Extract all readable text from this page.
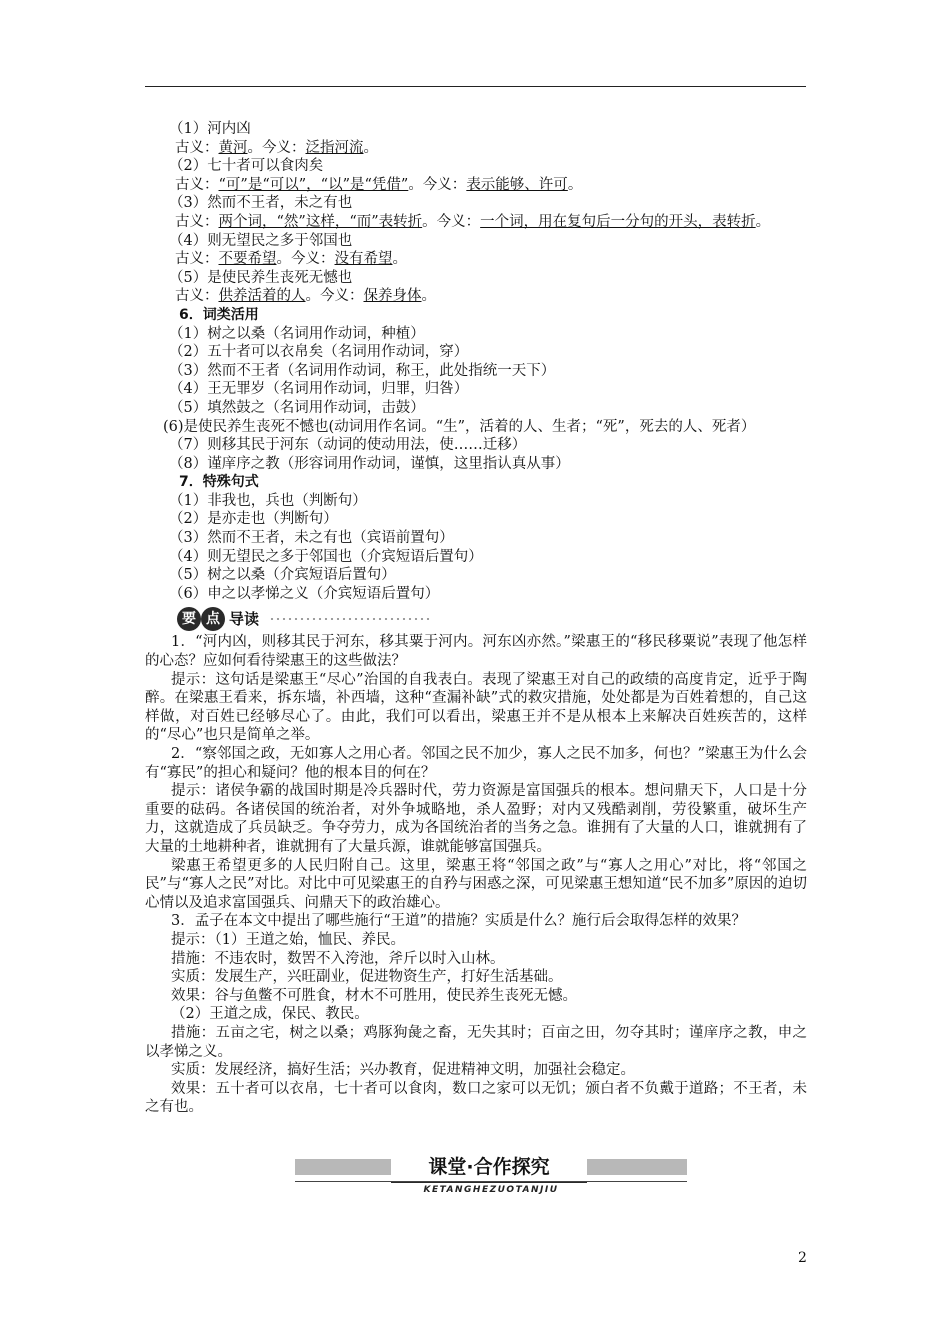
（1）河内凶
古义：黄河。今义：泛指河流。
（2）七十者可以食肉矣
古义：“可”是“可以”，“以”是“凭借”。今义：表示能够、许可。
（3）然而不王者，未之有也
古义：两个词，“然”这样，“而”表转折。今义：一个词，用在复句后一分句的开头，表转折。
（4）则无望民之多于邻国也
古义：不要希望。今义：没有希望。
（5）是使民养生丧死无憾也
古义：供养活着的人。今义：保养身体。
6．词类活用
（1）树之以桑（名词用作动词，种植）
（2）五十者可以衣帛矣（名词用作动词，穿）
（3）然而不王者（名词用作动词，称王，此处指统一天下）
（4）王无罪岁（名词用作动词，归罪，归咎）
（5）填然鼓之（名词用作动词，击鼓）
(6)是使民养生丧死不憾也(动词用作名词。“生”，活着的人、生者；“死”，死去的人、死者）
（7）则移其民于河东（动词的使动用法，使……迁移）
（8）谨庠序之教（形容词用作动词，谨慎，这里指认真从事）
7．特殊句式
（1）非我也，兵也（判断句）
（2）是亦走也（判断句）
（3）然而不王者，未之有也（宾语前置句）
（4）则无望民之多于邻国也（介宾短语后置句）
（5）树之以桑（介宾短语后置句）
（6）申之以孝悌之义（介宾短语后置句）
要 点 导读
1．“河内凶，则移其民于河东，移其粟于河内。河东凶亦然。”梁惠王的“移民移粟说”表现了他怎样的心态？应如何看待梁惠王的这些做法？
提示：这句话是梁惠王“尽心”治国的自我表白。表现了梁惠王对自己的政绩的高度肯定，近乎于陶醉。在梁惠王看来，拆东墙，补西墙，这种“查漏补缺”式的救灾措施，处处都是为百姓着想的，自己这样做，对百姓已经够尽心了。由此，我们可以看出，梁惠王并不是从根本上来解决百姓疾苦的，这样的“尽心”也只是简单之举。
2．“察邻国之政，无如寡人之用心者。邻国之民不加少，寡人之民不加多，何也？”梁惠王为什么会有“寡民”的担心和疑问？他的根本目的何在？
提示：诸侯争霸的战国时期是冷兵器时代，劳力资源是富国强兵的根本。想问鼎天下，人口是十分重要的砝码。各诸侯国的统治者，对外争城略地，杀人盈野；对内又残酷剥削，劳役繁重，破坏生产力，这就造成了兵员缺乏。争夺劳力，成为各国统治者的当务之急。谁拥有了大量的人口，谁就拥有了大量的土地耕种者，谁就拥有了大量兵源，谁就能够富国强兵。
梁惠王希望更多的人民归附自己。这里，梁惠王将“邻国之政”与“寡人之用心”对比，将“邻国之民”与“寡人之民”对比。对比中可见梁惠王的自矜与困惑之深，可见梁惠王想知道“民不加多”原因的迫切心情以及追求富国强兵、问鼎天下的政治雄心。
3．孟子在本文中提出了哪些施行“王道”的措施？实质是什么？施行后会取得怎样的效果？
提示：（1）王道之始，恤民、养民。
措施：不违农时，数罟不入洿池，斧斤以时入山林。
实质：发展生产，兴旺副业，促进物资生产，打好生活基础。
效果：谷与鱼鳖不可胜食，材木不可胜用，使民养生丧死无憾。
（2）王道之成，保民、教民。
措施：五亩之宅，树之以桑；鸡豚狗彘之畜，无失其时；百亩之田，勿夺其时；谨庠序之教，申之以孝悌之义。
实质：发展经济，搞好生活；兴办教育，促进精神文明，加强社会稳定。
效果：五十者可以衣帛，七十者可以食肉，数口之家可以无饥；颁白者不负戴于道路；不王者，未之有也。
课堂·合作探究
KETANGHEZUOTANJIU
2
